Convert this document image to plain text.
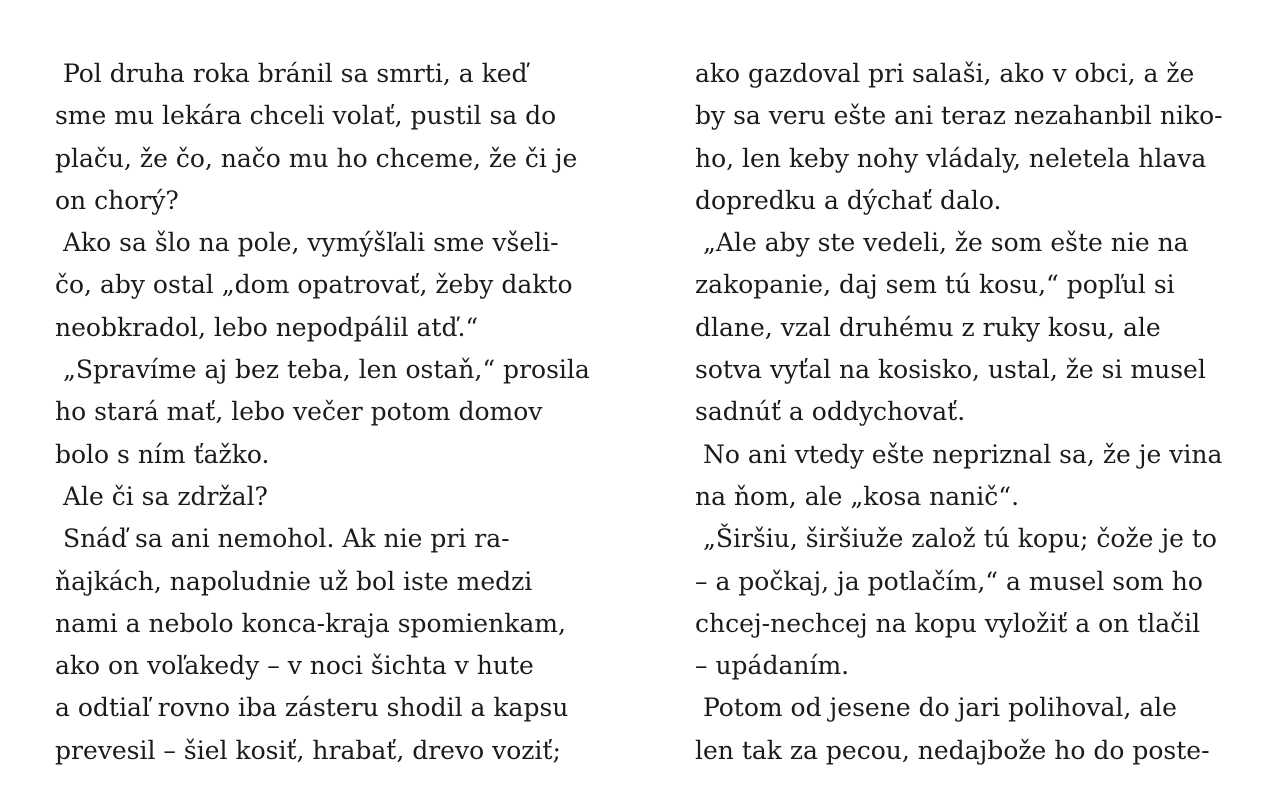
Pol druha roka bránil sa smrti, a keď
sme mu lekára chceli volať, pustil sa do
plaču, že čo, načo mu ho chceme, že či je
on chorý?
Ako sa šlo na pole, vymýšľali sme všeli-
čo, aby ostal „dom opatrovať, žeby dakto
neobkradol, lebo nepodpálil atď.“
„Spravíme aj bez teba, len ostaň,“ prosila
ho stará mať, lebo večer potom domov
bolo s ním ťažko.
Ale či sa zdržal?
Snáď sa ani nemohol. Ak nie pri ra-
ňajkách, napoludnie už bol iste medzi
nami a nebolo konca-kraja spomienkam,
ako on voľakedy – v noci šichta v hute
a odtiaľ rovno iba zásteru shodil a kapsu
prevesil – šiel kosiť, hrabať, drevo voziť;
ako gazdoval pri salaši, ako v obci, a že
by sa veru ešte ani teraz nezahanbil niko-
ho, len keby nohy vládaly, neletela hlava
dopredku a dýchať dalo.
„Ale aby ste vedeli, že som ešte nie na
zakopanie, daj sem tú kosu,“ popľul si
dlane, vzal druhému z ruky kosu, ale
sotva vyťal na kosisko, ustal, že si musel
sadnúť a oddychovať.
No ani vtedy ešte nepriznal sa, že je vina
na ňom, ale „kosa nanič“.
„Širšiu, širšiuže založ tú kopu; čože je to
– a počkaj, ja potlačím,“ a musel som ho
chcej-nechcej na kopu vyložiť a on tlačil
– upádaním.
Potom od jesene do jari polihoval, ale
len tak za pecou, nedajbože ho do poste-
